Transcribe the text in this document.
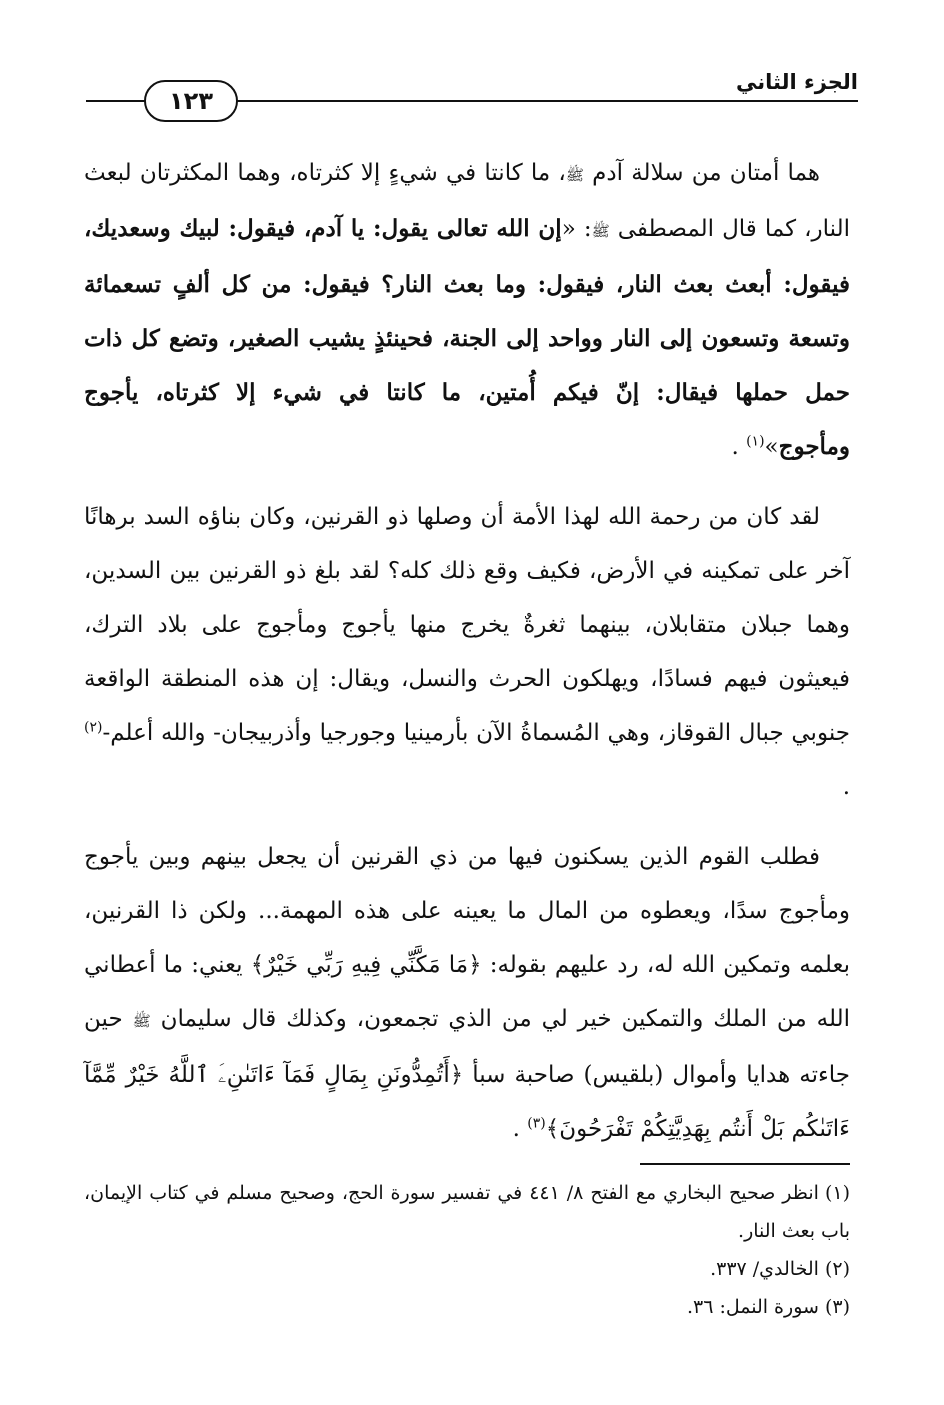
الجزء الثاني
١٢٣

هما أمتان من سلالة آدم ﷺ، ما كانتا في شيءٍ إلا كثرتاه، وهما المكثرتان لبعث النار، كما قال المصطفى ﷺ: «إن الله تعالى يقول: يا آدم، فيقول: لبيك وسعديك، فيقول: أبعث بعث النار، فيقول: وما بعث النار؟ فيقول: من كل ألفٍ تسعمائة وتسعة وتسعون إلى النار وواحد إلى الجنة، فحينئذٍ يشيب الصغير، وتضع كل ذات حمل حملها فيقال: إنّ فيكم أُمتين، ما كانتا في شيء إلا كثرتاه، يأجوج ومأجوج»$^{(١)}$ .

لقد كان من رحمة الله لهذا الأمة أن وصلها ذو القرنين، وكان بناؤه السد برهانًا آخر على تمكينه في الأرض، فكيف وقع ذلك كله؟ لقد بلغ ذو القرنين بين السدين، وهما جبلان متقابلان، بينهما ثغرةٌ يخرج منها يأجوج ومأجوج على بلاد الترك، فيعيثون فيهم فسادًا، ويهلكون الحرث والنسل، ويقال: إن هذه المنطقة الواقعة جنوبي جبال القوقاز، وهي المُسماةُ الآن بأرمينيا وجورجيا وأذربيجان- والله أعلم-$^{(٢)}$ .

فطلب القوم الذين يسكنون فيها من ذي القرنين أن يجعل بينهم وبين يأجوج ومأجوج سدًا، ويعطوه من المال ما يعينه على هذه المهمة... ولكن ذا القرنين، بعلمه وتمكين الله له، رد عليهم بقوله: ﴿مَا مَكَّنِّي فِيهِ رَبِّي خَيْرٌ﴾ يعني: ما أعطاني الله من الملك والتمكين خير لي من الذي تجمعون، وكذلك قال سليمان ﷺ حين جاءته هدايا وأموال (بلقيس) صاحبة سبأ ﴿أَتُمِدُّونَنِ بِمَالٍ فَمَآ ءَاتَىٰنِۦَ ٱللَّهُ خَيْرٌ مِّمَّآ ءَاتَىٰكُم بَلْ أَنتُم بِهَدِيَّتِكُمْ تَفْرَحُونَ﴾$^{(٣)}$ .

(١)انظر صحيح البخاري مع الفتح ٨/ ٤٤١ في تفسير سورة الحج، وصحيح مسلم في كتاب الإيمان، باب بعث النار.

(٢)الخالدي/ ٣٣٧.

(٣)سورة النمل: ٣٦.
